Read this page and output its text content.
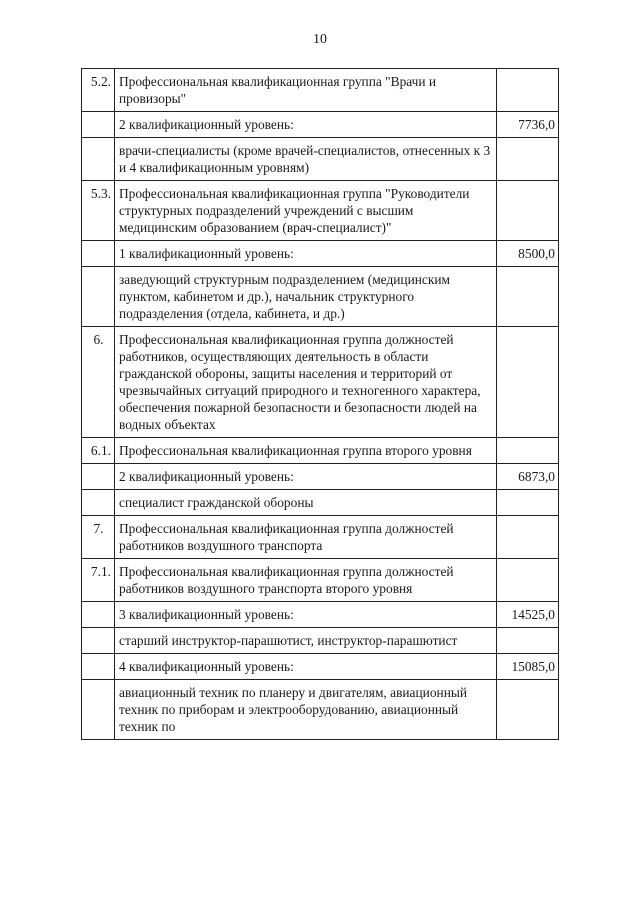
10
5.2.	Профессиональная квалификационная группа "Врачи и провизоры"	
	2 квалификационный уровень:	7736,0
	врачи-специалисты (кроме врачей-специалистов, отнесенных к 3 и 4 квалификационным уровням)	
5.3.	Профессиональная квалификационная группа "Руководители структурных подразделений учреждений с высшим медицинским образованием (врач-специалист)"	
	1 квалификационный уровень:	8500,0
	заведующий структурным подразделением (медицинским пунктом, кабинетом и др.), начальник структурного подразделения (отдела, кабинета, и др.)	
6.	Профессиональная квалификационная группа должностей работников, осуществляющих деятельность в области гражданской обороны, защиты населения и территорий от чрезвычайных ситуаций природного и техногенного характера, обеспечения пожарной безопасности и безопасности людей на водных объектах	
6.1.	Профессиональная квалификационная группа второго уровня	
	2 квалификационный уровень:	6873,0
	специалист гражданской обороны	
7.	Профессиональная квалификационная группа должностей работников воздушного транспорта	
7.1.	Профессиональная квалификационная группа должностей работников воздушного транспорта второго уровня	
	3 квалификационный уровень:	14525,0
	старший инструктор-парашютист, инструктор-парашютист	
	4 квалификационный уровень:	15085,0
	авиационный техник по планеру и двигателям, авиационный техник по приборам и электрооборудованию, авиационный техник по	
